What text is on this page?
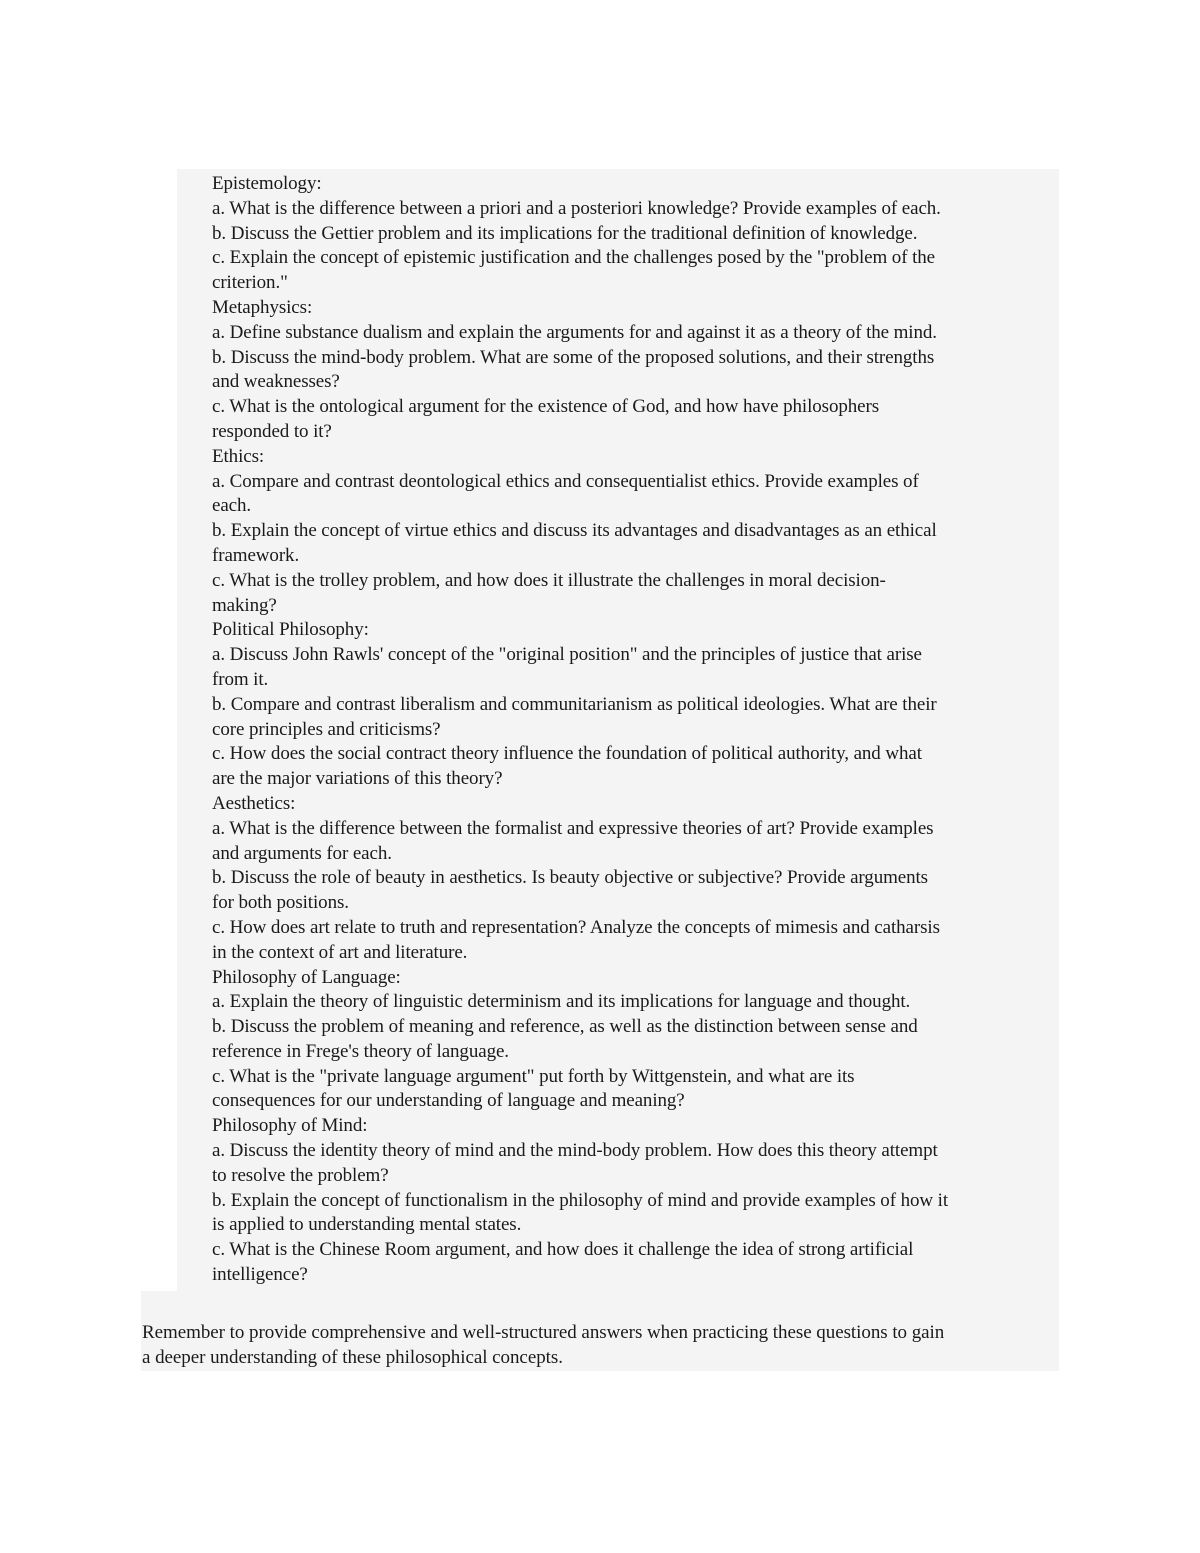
Epistemology:
a. What is the difference between a priori and a posteriori knowledge? Provide examples of each.
b. Discuss the Gettier problem and its implications for the traditional definition of knowledge.
c. Explain the concept of epistemic justification and the challenges posed by the "problem of the
criterion."
Metaphysics:
a. Define substance dualism and explain the arguments for and against it as a theory of the mind.
b. Discuss the mind-body problem. What are some of the proposed solutions, and their strengths
and weaknesses?
c. What is the ontological argument for the existence of God, and how have philosophers
responded to it?
Ethics:
a. Compare and contrast deontological ethics and consequentialist ethics. Provide examples of
each.
b. Explain the concept of virtue ethics and discuss its advantages and disadvantages as an ethical
framework.
c. What is the trolley problem, and how does it illustrate the challenges in moral decision-
making?
Political Philosophy:
a. Discuss John Rawls' concept of the "original position" and the principles of justice that arise
from it.
b. Compare and contrast liberalism and communitarianism as political ideologies. What are their
core principles and criticisms?
c. How does the social contract theory influence the foundation of political authority, and what
are the major variations of this theory?
Aesthetics:
a. What is the difference between the formalist and expressive theories of art? Provide examples
and arguments for each.
b. Discuss the role of beauty in aesthetics. Is beauty objective or subjective? Provide arguments
for both positions.
c. How does art relate to truth and representation? Analyze the concepts of mimesis and catharsis
in the context of art and literature.
Philosophy of Language:
a. Explain the theory of linguistic determinism and its implications for language and thought.
b. Discuss the problem of meaning and reference, as well as the distinction between sense and
reference in Frege's theory of language.
c. What is the "private language argument" put forth by Wittgenstein, and what are its
consequences for our understanding of language and meaning?
Philosophy of Mind:
a. Discuss the identity theory of mind and the mind-body problem. How does this theory attempt
to resolve the problem?
b. Explain the concept of functionalism in the philosophy of mind and provide examples of how it
is applied to understanding mental states.
c. What is the Chinese Room argument, and how does it challenge the idea of strong artificial
intelligence?
Remember to provide comprehensive and well-structured answers when practicing these questions to gain
a deeper understanding of these philosophical concepts.
